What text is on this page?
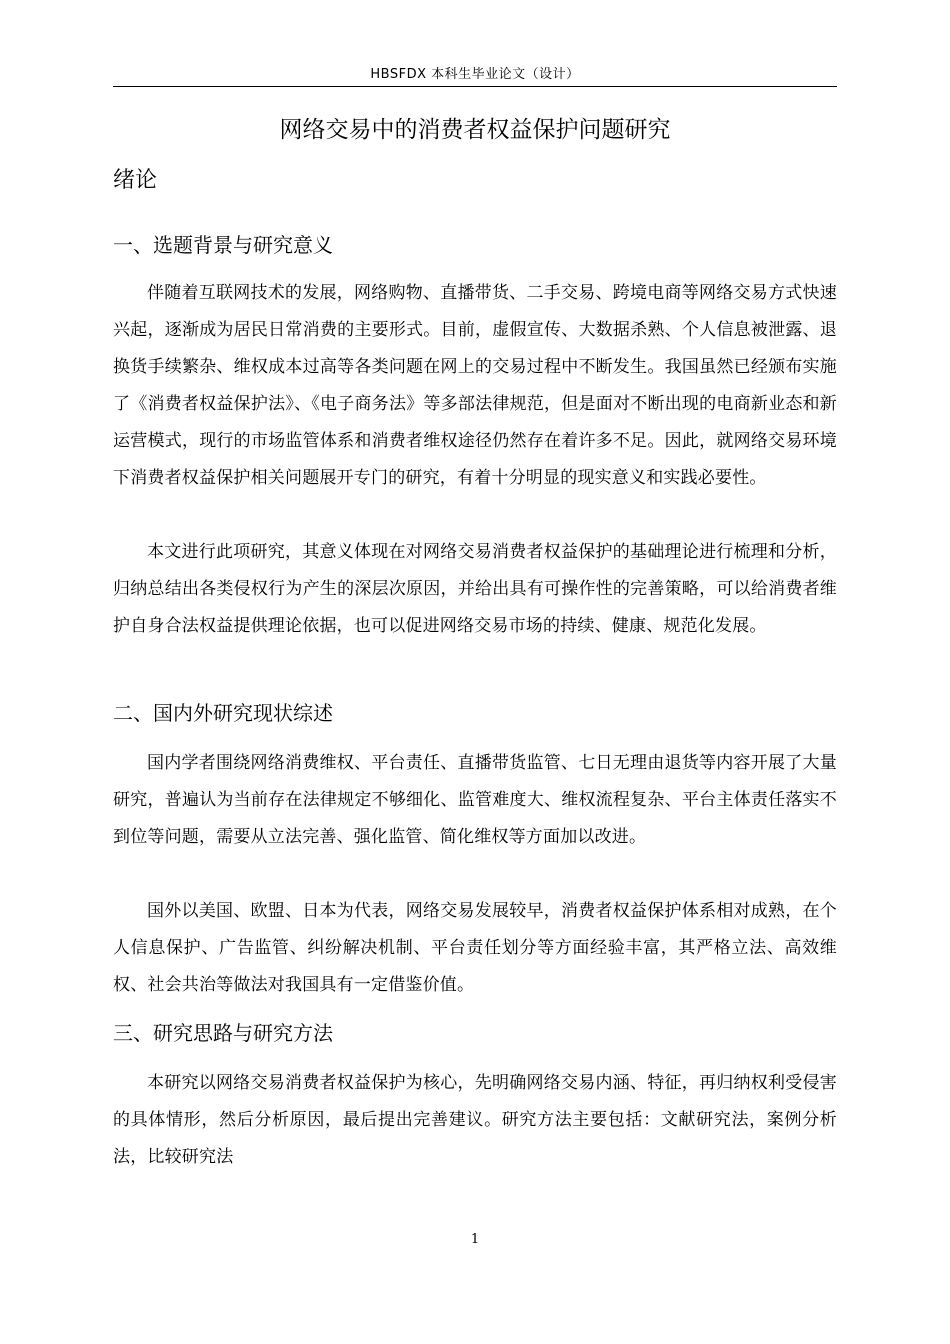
HBSFDX 本科生毕业论文（设计）
网络交易中的消费者权益保护问题研究
绪论
一、选题背景与研究意义
伴随着互联网技术的发展，网络购物、直播带货、二手交易、跨境电商等网络交易方式快速兴起，逐渐成为居民日常消费的主要形式。目前，虚假宣传、大数据杀熟、个人信息被泄露、退换货手续繁杂、维权成本过高等各类问题在网上的交易过程中不断发生。我国虽然已经颁布实施了《消费者权益保护法》、《电子商务法》等多部法律规范，但是面对不断出现的电商新业态和新运营模式，现行的市场监管体系和消费者维权途径仍然存在着许多不足。因此，就网络交易环境下消费者权益保护相关问题展开专门的研究，有着十分明显的现实意义和实践必要性。
本文进行此项研究，其意义体现在对网络交易消费者权益保护的基础理论进行梳理和分析，归纳总结出各类侵权行为产生的深层次原因，并给出具有可操作性的完善策略，可以给消费者维护自身合法权益提供理论依据，也可以促进网络交易市场的持续、健康、规范化发展。
二、国内外研究现状综述
国内学者围绕网络消费维权、平台责任、直播带货监管、七日无理由退货等内容开展了大量研究，普遍认为当前存在法律规定不够细化、监管难度大、维权流程复杂、平台主体责任落实不到位等问题，需要从立法完善、强化监管、简化维权等方面加以改进。
国外以美国、欧盟、日本为代表，网络交易发展较早，消费者权益保护体系相对成熟，在个人信息保护、广告监管、纠纷解决机制、平台责任划分等方面经验丰富，其严格立法、高效维权、社会共治等做法对我国具有一定借鉴价值。
三、研究思路与研究方法
本研究以网络交易消费者权益保护为核心，先明确网络交易内涵、特征，再归纳权利受侵害的具体情形，然后分析原因，最后提出完善建议。研究方法主要包括：文献研究法，案例分析法，比较研究法
1
